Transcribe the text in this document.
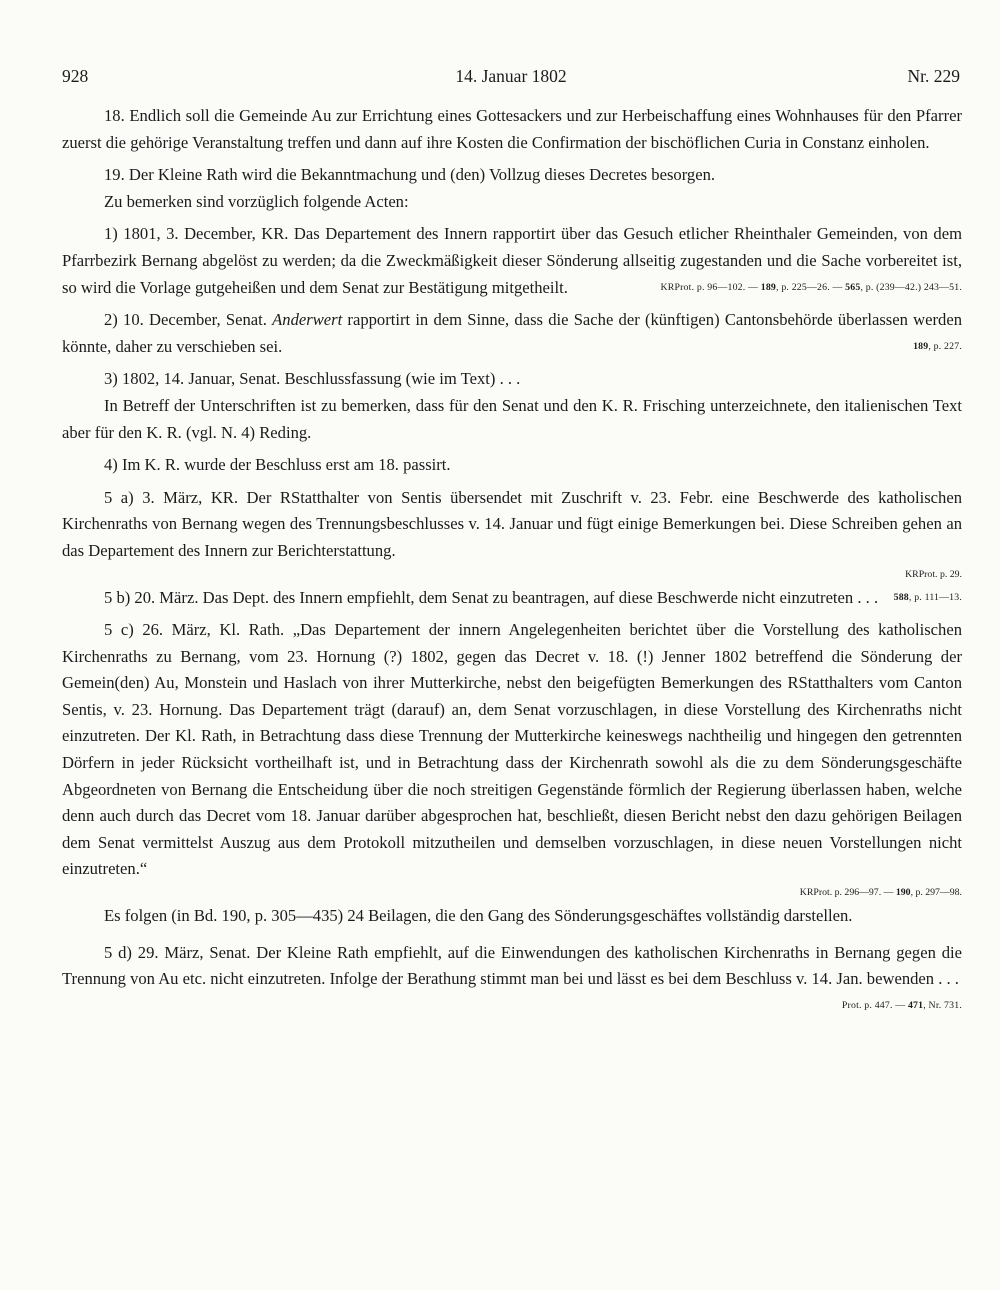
928	14. Januar 1802	Nr. 229

18. Endlich soll die Gemeinde Au zur Errichtung eines Gottesackers und zur Herbeischaffung eines Wohnhauses für den Pfarrer zuerst die gehörige Veranstaltung treffen und dann auf ihre Kosten die Confirmation der bischöflichen Curia in Constanz einholen.

19. Der Kleine Rath wird die Bekanntmachung und (den) Vollzug dieses Decretes besorgen.

Zu bemerken sind vorzüglich folgende Acten:

1) 1801, 3. December, KR. Das Departement des Innern rapportirt über das Gesuch etlicher Rheinthaler Gemeinden, von dem Pfarrbezirk Bernang abgelöst zu werden; da die Zweckmäßigkeit dieser Sönderung allseitig zugestanden und die Sache vorbereitet ist, so wird die Vorlage gutgeheißen und dem Senat zur Bestätigung mitgetheilt.	KRProt. p. 96—102. — 189, p. 225—26. — 565, p. (239—42.) 243—51.

2) 10. December, Senat. Anderwert rapportirt in dem Sinne, dass die Sache der (künftigen) Cantonsbehörde überlassen werden könnte, daher zu verschieben sei.	189, p. 227.

3) 1802, 14. Januar, Senat. Beschlussfassung (wie im Text) . . .

In Betreff der Unterschriften ist zu bemerken, dass für den Senat und den K. R. Frisching unterzeichnete, den italienischen Text aber für den K. R. (vgl. N. 4) Reding.

4) Im K. R. wurde der Beschluss erst am 18. passirt.

5 a) 3. März, KR. Der RStatthalter von Sentis übersendet mit Zuschrift v. 23. Febr. eine Beschwerde des katholischen Kirchenraths von Bernang wegen des Trennungsbeschlusses v. 14. Januar und fügt einige Bemerkungen bei. Diese Schreiben gehen an das Departement des Innern zur Berichterstattung.

KRProt. p. 29.

5 b) 20. März. Das Dept. des Innern empfiehlt, dem Senat zu beantragen, auf diese Beschwerde nicht einzutreten . . . 588, p. 111—13.

5 c) 26. März, Kl. Rath. „Das Departement der innern Angelegenheiten berichtet über die Vorstellung des katholischen Kirchenraths zu Bernang, vom 23. Hornung (?) 1802, gegen das Decret v. 18. (!) Jenner 1802 betreffend die Sönderung der Gemein(den) Au, Monstein und Haslach von ihrer Mutterkirche, nebst den beigefügten Bemerkungen des RStatthalters vom Canton Sentis, v. 23. Hornung. Das Departement trägt (darauf) an, dem Senat vorzuschlagen, in diese Vorstellung des Kirchenraths nicht einzutreten. Der Kl. Rath, in Betrachtung dass diese Trennung der Mutterkirche keineswegs nachtheilig und hingegen den getrennten Dörfern in jeder Rücksicht vortheilhaft ist, und in Betrachtung dass der Kirchenrath sowohl als die zu dem Sönderungsgeschäfte Abgeordneten von Bernang die Entscheidung über die noch streitigen Gegenstände förmlich der Regierung überlassen haben, welche denn auch durch das Decret vom 18. Januar darüber abgesprochen hat, beschließt, diesen Bericht nebst den dazu gehörigen Beilagen dem Senat vermittelst Auszug aus dem Protokoll mitzutheilen und demselben vorzuschlagen, in diese neuen Vorstellungen nicht einzutreten.“

KRProt. p. 296—97. — 190, p. 297—98.

Es folgen (in Bd. 190, p. 305—435) 24 Beilagen, die den Gang des Sönderungsgeschäftes vollständig darstellen.

5 d) 29. März, Senat. Der Kleine Rath empfiehlt, auf die Einwendungen des katholischen Kirchenraths in Bernang gegen die Trennung von Au etc. nicht einzutreten. Infolge der Berathung stimmt man bei und lässt es bei dem Beschluss v. 14. Jan. bewenden . . .
Prot. p. 447. — 471, Nr. 731.
